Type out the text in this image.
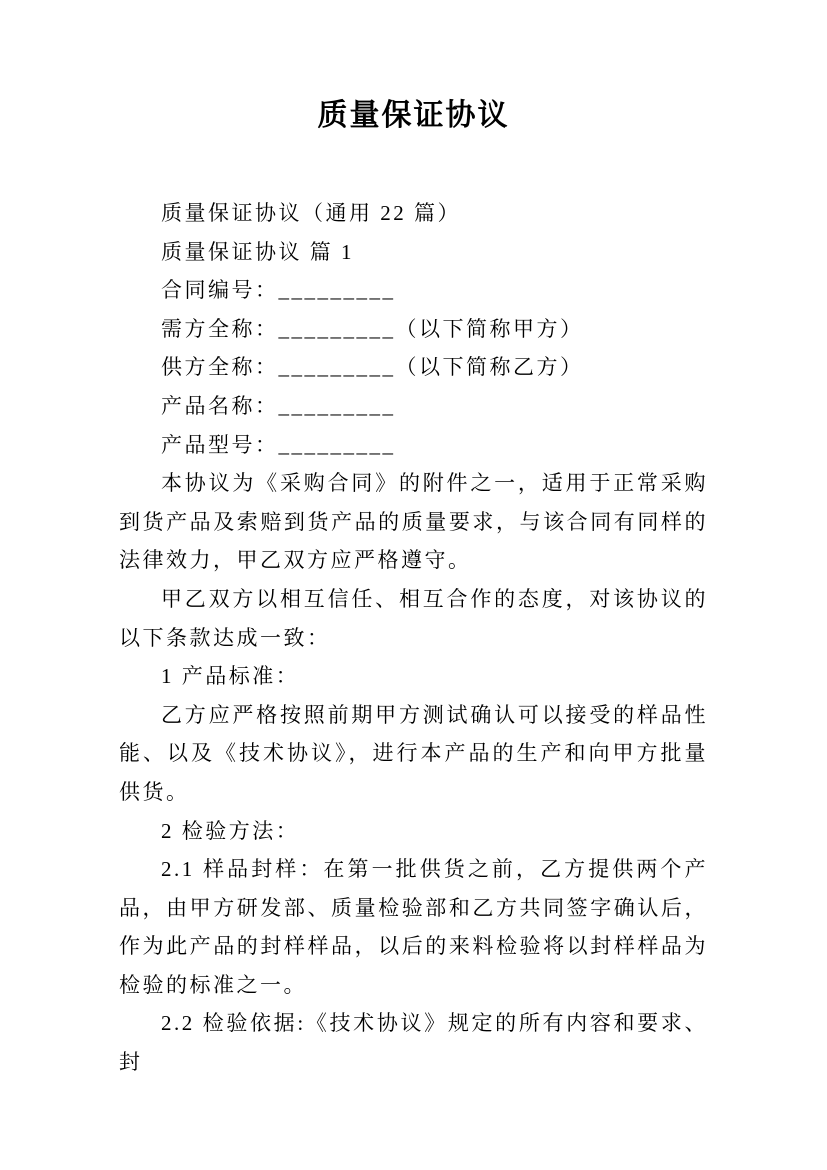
质量保证协议

质量保证协议（通用 22 篇）

质量保证协议 篇 1

合同编号：_________

需方全称：_________（以下简称甲方）

供方全称：_________（以下简称乙方）

产品名称：_________

产品型号：_________

本协议为《采购合同》的附件之一，适用于正常采购到货产品及索赔到货产品的质量要求，与该合同有同样的法律效力，甲乙双方应严格遵守。

甲乙双方以相互信任、相互合作的态度，对该协议的以下条款达成一致：

1 产品标准：

乙方应严格按照前期甲方测试确认可以接受的样品性能、以及《技术协议》，进行本产品的生产和向甲方批量供货。

2 检验方法：

2.1 样品封样：在第一批供货之前，乙方提供两个产品，由甲方研发部、质量检验部和乙方共同签字确认后，作为此产品的封样样品，以后的来料检验将以封样样品为检验的标准之一。

2.2 检验依据:《技术协议》规定的所有内容和要求、封
